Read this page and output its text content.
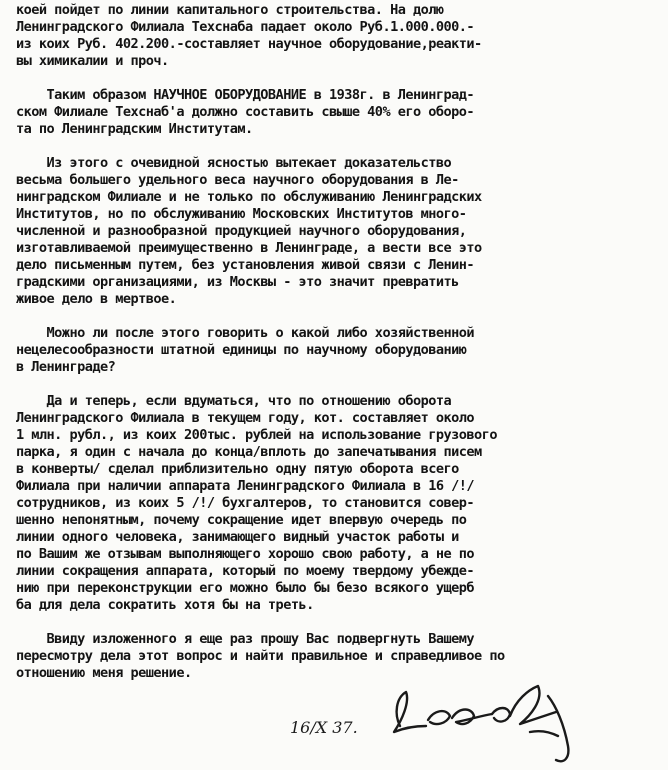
коей пойдет по линии капитального строительства. На долю
Ленинградского Филиала Техснаба падает около Руб.1.000.000.-
из коих Руб. 402.200.-составляет научное оборудование,реакти-
вы химикалии и проч.
Таким образом НАУЧНОЕ ОБОРУДОВАНИЕ в 1938г. в Ленинград-
ском Филиале Техснаб'а должно составить свыше 40% его оборо-
та по Ленинградским Институтам.
Из этого с очевидной ясностью вытекает доказательство
весьма большего удельного веса научного оборудования в Ле-
нинградском Филиале и не только по обслуживанию Ленинградских
Институтов, но по обслуживанию Московских Институтов много-
численной и разнообразной продукцией научного оборудования,
изготавливаемой преимущественно в Ленинграде, а вести все это
дело письменным путем, без установления живой связи с Ленин-
градскими организациями, из Москвы - это значит превратить
живое дело в мертвое.
Можно ли после этого говорить о какой либо хозяйственной
нецелесообразности штатной единицы по научному оборудованию
в Ленинграде?
Да и теперь, если вдуматься, что по отношению оборота
Ленинградского Филиала в текущем году, кот. составляет около
1 млн. рубл., из коих 200тыс. рублей на использование грузового
парка, я один с начала до конца/вплоть до запечатывания писем
в конверты/ сделал приблизительно одну пятую оборота всего
Филиала при наличии аппарата Ленинградского Филиала в 16 /!/
сотрудников, из коих 5 /!/ бухгалтеров, то становится совер-
шенно непонятным, почему сокращение идет впервую очередь по
линии одного человека, занимающего видный участок работы и
по Вашим же отзывам выполняющего хорошо свою работу, а не по
линии сокращения аппарата, который по моему твердому убежде-
нию при переконструкции его можно было бы безо всякого ущерб
ба для дела сократить хотя бы на треть.
Ввиду изложенного я еще раз прошу Вас подвергнуть Вашему
пересмотру дела этот вопрос и найти правильное и справедливое по
отношению меня решение.
16/X 37.
